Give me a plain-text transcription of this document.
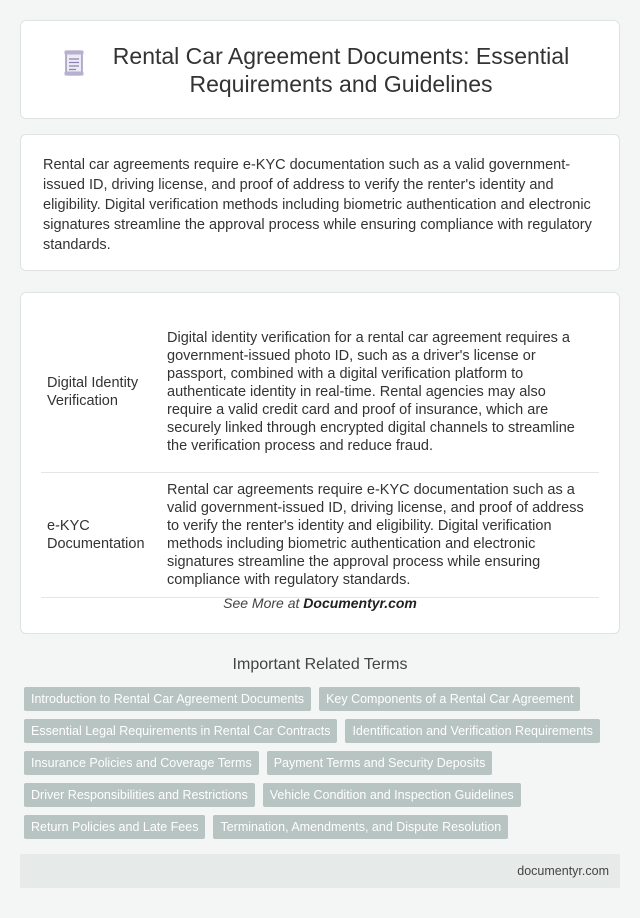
Rental Car Agreement Documents: Essential Requirements and Guidelines

Rental car agreements require e-KYC documentation such as a valid government-issued ID, driving license, and proof of address to verify the renter's identity and eligibility. Digital verification methods including biometric authentication and electronic signatures streamline the approval process while ensuring compliance with regulatory standards.

Digital Identity Verification	Digital identity verification for a rental car agreement requires a government-issued photo ID, such as a driver's license or passport, combined with a digital verification platform to authenticate identity in real-time. Rental agencies may also require a valid credit card and proof of insurance, which are securely linked through encrypted digital channels to streamline the verification process and reduce fraud.
e-KYC Documentation	Rental car agreements require e-KYC documentation such as a valid government-issued ID, driving license, and proof of address to verify the renter's identity and eligibility. Digital verification methods including biometric authentication and electronic signatures streamline the approval process while ensuring compliance with regulatory standards.
See More at Documentyr.com
Important Related Terms
Introduction to Rental Car Agreement Documents	Key Components of a Rental Car Agreement
Essential Legal Requirements in Rental Car Contracts	Identification and Verification Requirements
Insurance Policies and Coverage Terms	Payment Terms and Security Deposits
Driver Responsibilities and Restrictions	Vehicle Condition and Inspection Guidelines
Return Policies and Late Fees	Termination, Amendments, and Dispute Resolution
documentyr.com
